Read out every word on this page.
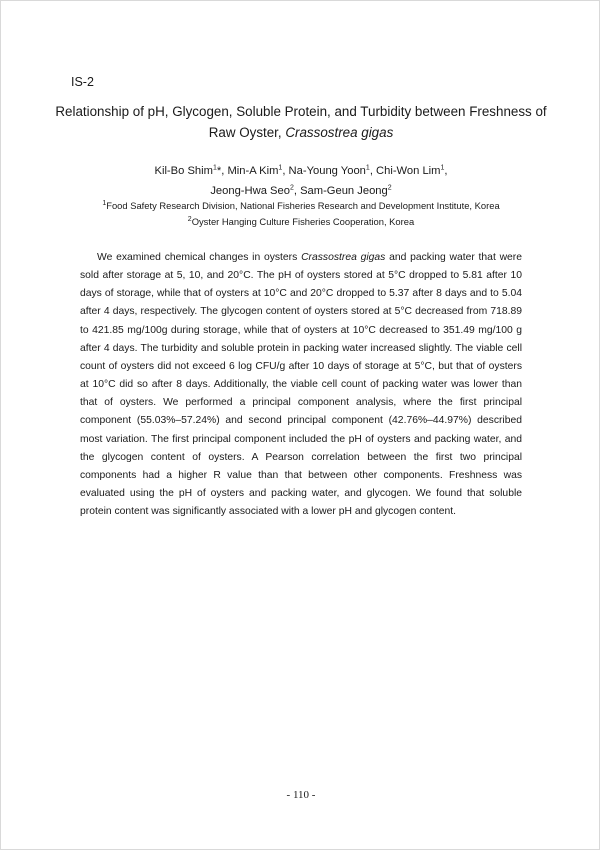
IS-2
Relationship of pH, Glycogen, Soluble Protein, and Turbidity between Freshness of
Raw Oyster, Crassostrea gigas
Kil-Bo Shim$^1$*, Min-A Kim$^1$, Na-Young Yoon$^1$, Chi-Won Lim$^1$,
Jeong-Hwa Seo$^2$, Sam-Geun Jeong$^2$
$^1$Food Safety Research Division, National Fisheries Research and Development Institute, Korea
$^2$Oyster Hanging Culture Fisheries Cooperation, Korea
We examined chemical changes in oysters Crassostrea gigas and packing water that were sold after storage at 5, 10, and 20°C. The pH of oysters stored at 5°C dropped to 5.81 after 10 days of storage, while that of oysters at 10°C and 20°C dropped to 5.37 after 8 days and to 5.04 after 4 days, respectively. The glycogen content of oysters stored at 5°C decreased from 718.89 to 421.85 mg/100g during storage, while that of oysters at 10°C decreased to 351.49 mg/100 g after 4 days. The turbidity and soluble protein in packing water increased slightly. The viable cell count of oysters did not exceed 6 log CFU/g after 10 days of storage at 5°C, but that of oysters at 10°C did so after 8 days. Additionally, the viable cell count of packing water was lower than that of oysters. We performed a principal component analysis, where the first principal component (55.03%–57.24%) and second principal component (42.76%–44.97%) described most variation. The first principal component included the pH of oysters and packing water, and the glycogen content of oysters. A Pearson correlation between the first two principal components had a higher R value than that between other components. Freshness was evaluated using the pH of oysters and packing water, and glycogen. We found that soluble protein content was significantly associated with a lower pH and glycogen content.
- 110 -
